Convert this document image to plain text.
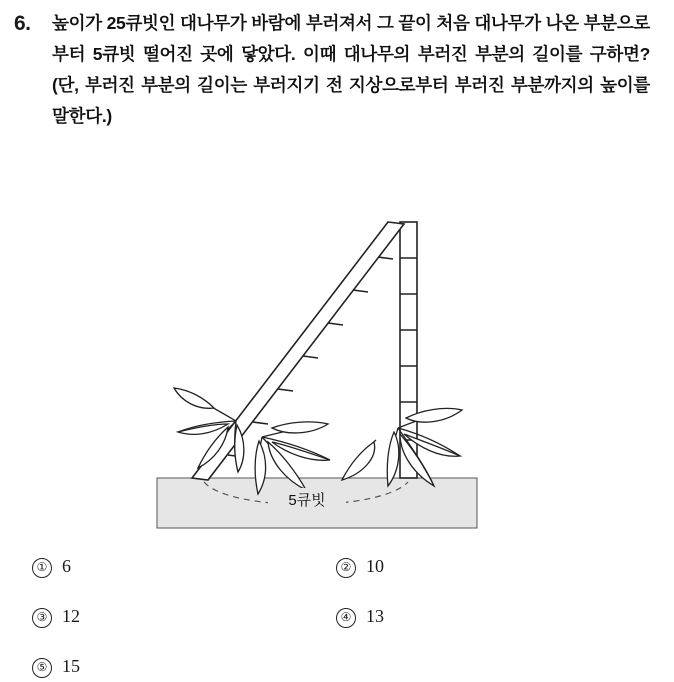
6. 높이가 25큐빗인 대나무가 바람에 부러져서 그 끝이 처음 대나무가 나온 부분으로부터 5큐빗 떨어진 곳에 닿았다. 이때 대나무의 부러진 부분의 길이를 구하면? (단, 부러진 부분의 길이는 부러지기 전 지상으로부터 부러진 부분까지의 높이를 말한다.)
5큐빗
① 6	② 10
③ 12	④ 13
⑤ 15
